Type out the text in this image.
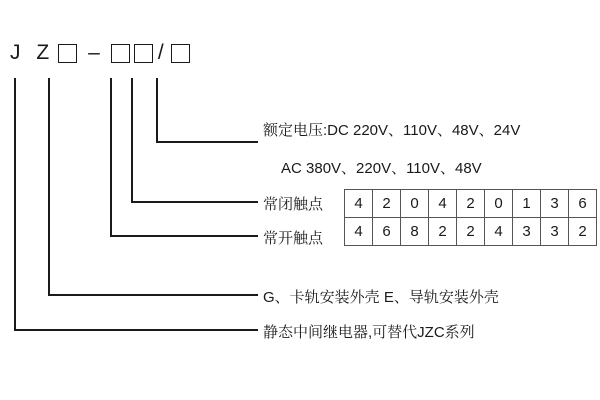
J Z –	/
额定电压:DC 220V、110V、48V、24V
AC 380V、220V、110V、48V
常闭触点
常开触点
G、卡轨安装外壳 E、导轨安装外壳
静态中间继电器,可替代JZC系列
4	2	0	4	2	0	1	3	6
4	6	8	2	2	4	3	3	2
